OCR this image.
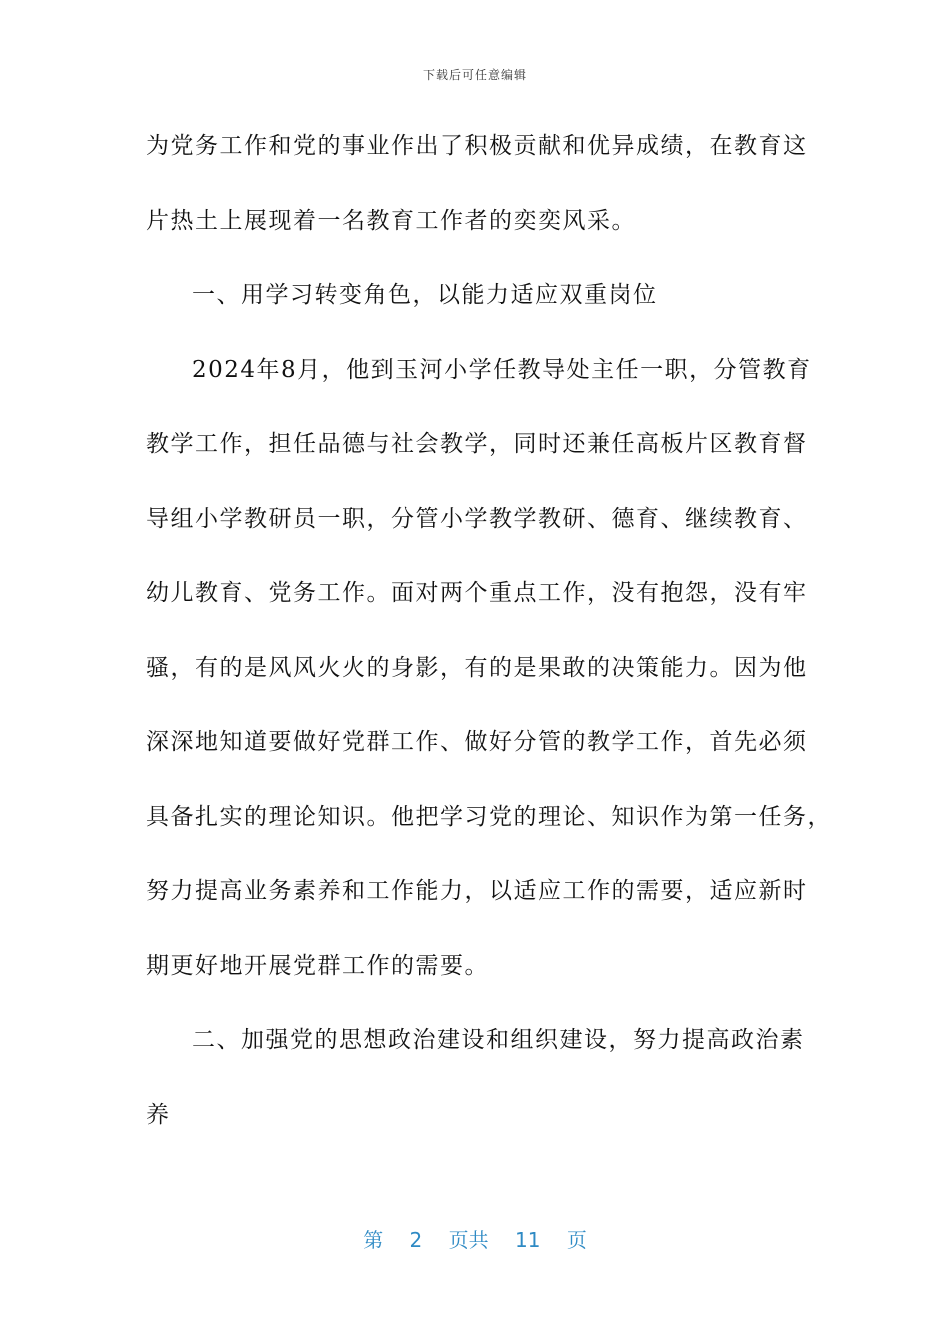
下载后可任意编辑
为党务工作和党的事业作出了积极贡献和优异成绩，在教育这
片热土上展现着一名教育工作者的奕奕风采。
一、用学习转变角色，以能力适应双重岗位
2024年8月，他到玉河小学任教导处主任一职，分管教育
教学工作，担任品德与社会教学，同时还兼任高板片区教育督
导组小学教研员一职，分管小学教学教研、德育、继续教育、
幼儿教育、党务工作。面对两个重点工作，没有抱怨，没有牢
骚，有的是风风火火的身影，有的是果敢的决策能力。因为他
深深地知道要做好党群工作、做好分管的教学工作，首先必须
具备扎实的理论知识。他把学习党的理论、知识作为第一任务，
努力提高业务素养和工作能力，以适应工作的需要，适应新时
期更好地开展党群工作的需要。
二、加强党的思想政治建设和组织建设，努力提高政治素
养
第 2 页共 11 页
